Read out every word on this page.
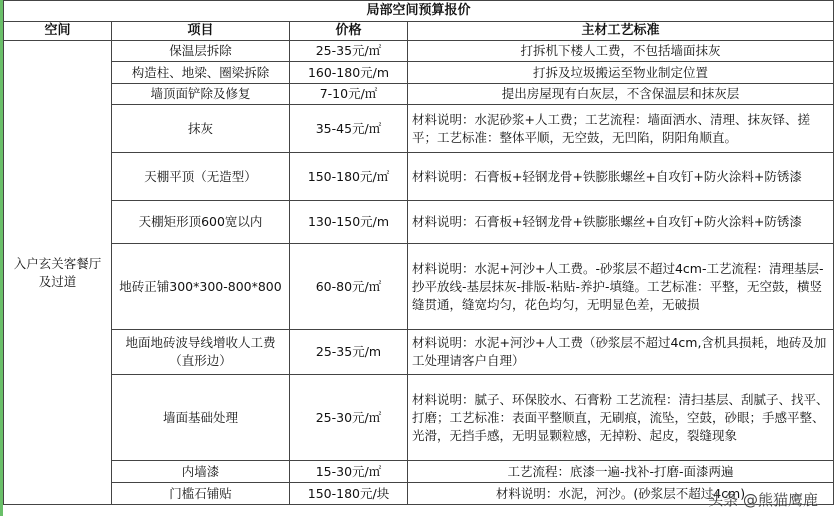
局部空间预算报价			
空间	项目	价格	主材工艺标准
入户玄关客餐厅及过道	保温层拆除	25-35元/㎡	打拆机下楼人工费，不包括墙面抹灰
	构造柱、地梁、圈梁拆除	160-180元/m	打拆及垃圾搬运至物业制定位置
	墙顶面铲除及修复	7-10元/㎡	提出房屋现有白灰层，不含保温层和抹灰层
	抹灰	35-45元/㎡	材料说明：水泥砂浆+人工费；工艺流程：墙面洒水、清理、抹灰铎、搓平；工艺标准：整体平顺，无空鼓，无凹陷，阴阳角顺直。
	天棚平顶（无造型）	150-180元/㎡	材料说明：石膏板+轻钢龙骨+铁膨胀螺丝+自攻钉+防火涂料+防锈漆
	天棚矩形顶600宽以内	130-150元/m	材料说明：石膏板+轻钢龙骨+铁膨胀螺丝+自攻钉+防火涂料+防锈漆
	地砖正铺300*300-800*800	60-80元/㎡	材料说明：水泥+河沙+人工费。-砂浆层不超过4cm-工艺流程：清理基层-抄平放线-基层抹灰-排版-粘贴-养护-填缝。工艺标准：平整，无空鼓，横竖缝贯通，缝宽均匀，花色均匀，无明显色差，无破损
	地面地砖波导线增收人工费（直形边）	25-35元/m	材料说明：水泥+河沙+人工费（砂浆层不超过4cm,含机具损耗，地砖及加工处理请客户自理）
	墙面基础处理	25-30元/㎡	材料说明：腻子、环保胶水、石膏粉 工艺流程：清扫基层、刮腻子、找平、打磨；工艺标准：表面平整顺直，无刷痕，流坠，空鼓，砂眼；手感平整、光滑，无挡手感，无明显颗粒感，无掉粉、起皮，裂缝现象
	内墙漆	15-30元/㎡	工艺流程：底漆一遍-找补-打磨-面漆两遍
	门槛石铺贴	150-180元/块	材料说明：水泥，河沙。(砂浆层不超过4cm)
头条 @熊猫鹰鹿
